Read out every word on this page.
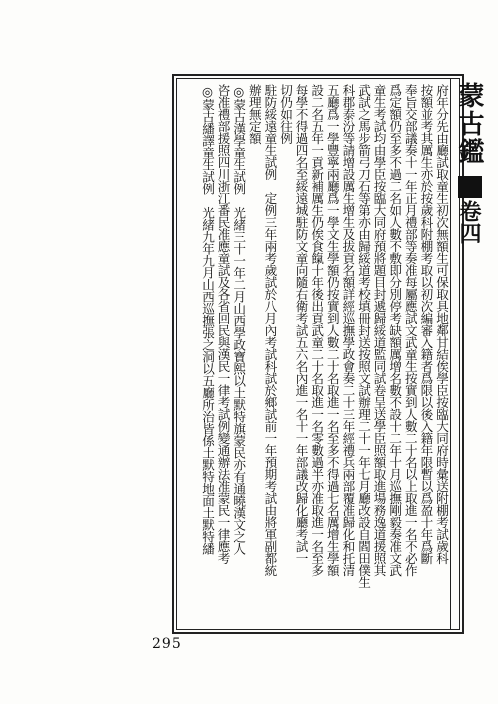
蒙古鑑
卷四
府年分先由廳試取童生初次無額生可保取具地鄰甘結俟學臣按臨大同府時彙送附棚考試歲科
按額並考其厲生亦於按歲科附棚考取以初次編審入籍者爲限以後入籍年限暫以爲盈十年爲斷
奉旨交部議奏十一年正月禮部等奏准每屬應試文武童生按實到人數二十名以上取進一名不必作
爲定額仍至多不過二名如人數不敷即分別停考缺額厲增名數不設十二年十月巡撫剛毅奏准文武
童生考試均由學臣按臨大同府預將題目封遞歸綏道監同試卷呈送學臣照額取進場務逸道援照其
武試之馬步箭弓刀石等第亦由歸綏道考校填冊封送按照文試辦理二十一年七月廳改設自閻田僕生
科郡泰汾等請增設厲生增生及拔貢名額詳經巡撫學政會奏二十三年經禮兵兩部覆准歸化和托清
五廳爲一學豐寧兩廳爲一學文生學額仍按實到人數二十名取進一名至多不得過七名厲增生學額
設二名五年一貢新補厲生仍俟食餼十年後出貢武童二十名取進一名零數過半亦准取進一名至多
每學不得過四名至綏遠城駐防文童向隨右衛考試五六名內進一名十一年部議改歸化廳考試一
切仍如往例
駐防綏遠童生試例　定例三年兩考歲試於八月內考試科試於鄉試前一年預期考試由將軍副都統
辦理無定額
◎蒙古漢學童生試例　光緒三十一年二月山西學政寶熙以土默特旗蒙民亦有通曉漢文之人
咨准禮部援照四川浙江番民准應童試及各省回民與漢民一律考試例變通辦法准蒙民一律應考
◎蒙古繙譯童生試例　光緒九年九月山西巡撫張之洞以五廳所治皆係土默特地面土默特繙
295
